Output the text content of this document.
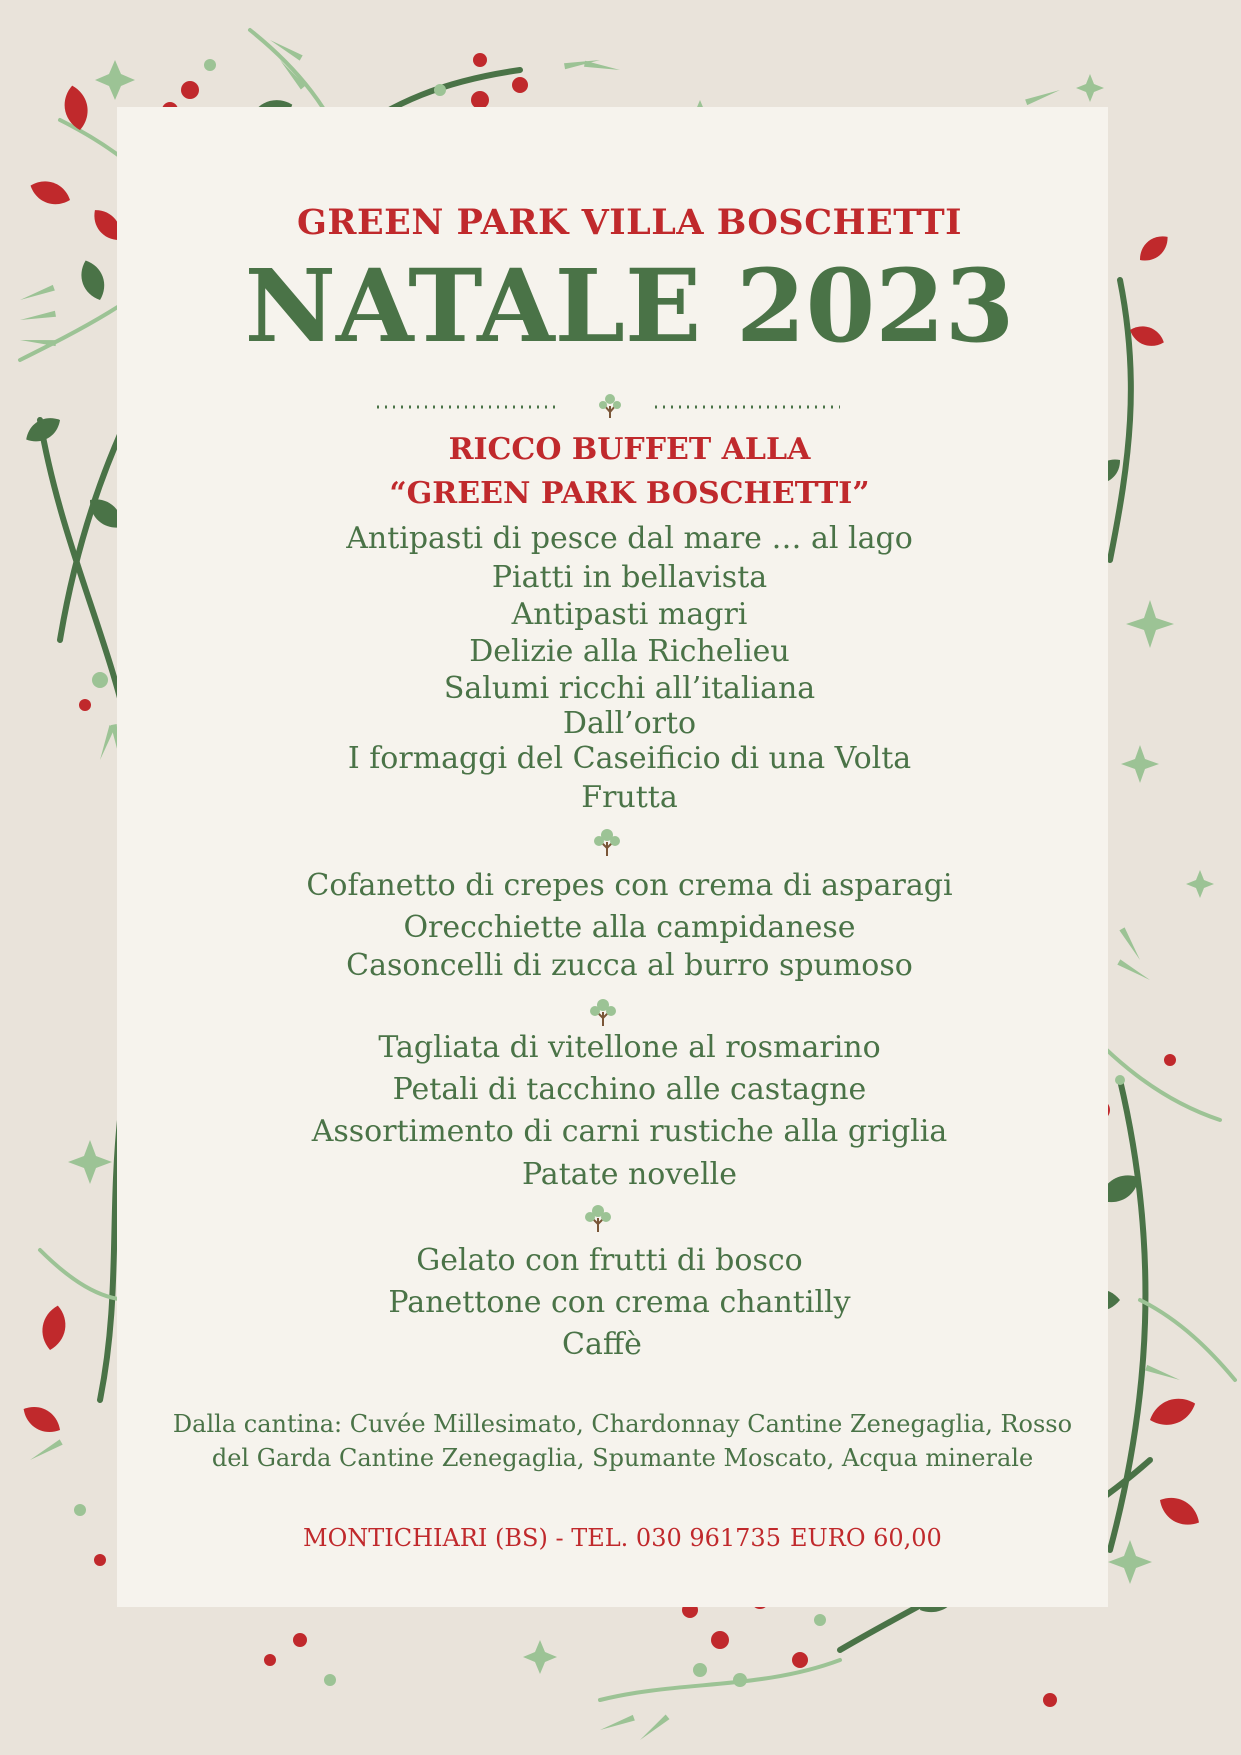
GREEN PARK VILLA BOSCHETTI
NATALE 2023

RICCO BUFFET ALLA

“GREEN PARK BOSCHETTI”

Antipasti di pesce dal mare … al lago

Piatti in bellavista

Antipasti magri

Delizie alla Richelieu

Salumi ricchi all’italiana

Dall’orto

I formaggi del Caseificio di una Volta

Frutta

Cofanetto di crepes con crema di asparagi

Orecchiette alla campidanese

Casoncelli di zucca al burro spumoso

Tagliata di vitellone al rosmarino

Petali di tacchino alle castagne

Assortimento di carni rustiche alla griglia

Patate novelle

Gelato con frutti di bosco

Panettone con crema chantilly

Caffè

Dalla cantina: Cuvée Millesimato, Chardonnay Cantine Zenegaglia, Rosso

del Garda Cantine Zenegaglia, Spumante Moscato, Acqua minerale

MONTICHIARI (BS) - TEL. 030 961735 EURO 60,00
